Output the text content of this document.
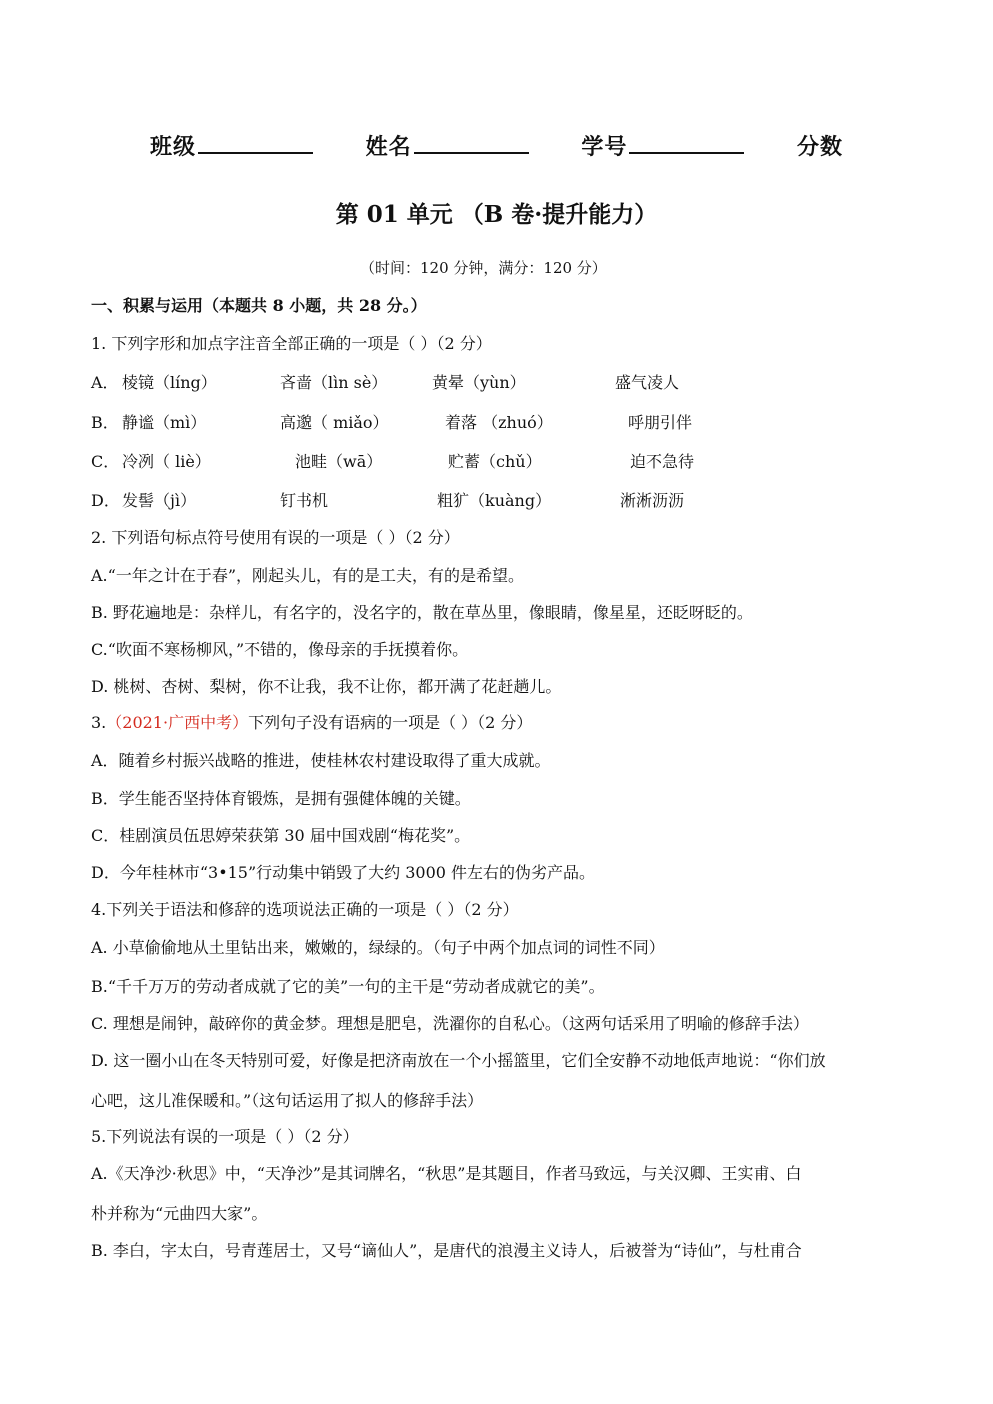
班级	姓名	学号	分数
第 01 单元 （B 卷·提升能力）
（时间：120 分钟，满分：120 分）
一、积累与运用（本题共 8 小题，共 28 分。）
1. 下列字形和加点字注音全部正确的一项是（ ）（2 分）
A． 棱镜（líng）	吝啬（lìn sè）	黄晕（yùn）	盛气凌人
B． 静谧（mì）	高邈（ miǎo）	着落 （zhuó）	呼朋引伴
C． 冷冽（ liè）	池畦（wā）	贮蓄（chǔ）	迫不急待
D． 发髻（jì）	钉书机	粗犷（kuàng）	淅淅沥沥
2. 下列语句标点符号使用有误的一项是（ ）（2 分）
A.“一年之计在于春”，刚起头儿，有的是工夫，有的是希望。
B. 野花遍地是：杂样儿，有名字的，没名字的，散在草丛里，像眼睛，像星星，还眨呀眨的。
C.“吹面不寒杨柳风，”不错的，像母亲的手抚摸着你。
D. 桃树、杏树、梨树，你不让我，我不让你，都开满了花赶趟儿。
3.（2021·广西中考）下列句子没有语病的一项是（ ）（2 分）
A．随着乡村振兴战略的推进，使桂林农村建设取得了重大成就。
B．学生能否坚持体育锻炼，是拥有强健体魄的关键。
C．桂剧演员伍思婷荣获第 30 届中国戏剧“梅花奖”。
D．今年桂林市“3•15”行动集中销毁了大约 3000 件左右的伪劣产品。
4.下列关于语法和修辞的选项说法正确的一项是（ ）（2 分）
A. 小草偷偷地从土里钻出来，嫩嫩的，绿绿的。（句子中两个加点词的词性不同）
B.“千千万万的劳动者成就了它的美”一句的主干是“劳动者成就它的美”。
C. 理想是闹钟，敲碎你的黄金梦。理想是肥皂，洗濯你的自私心。（这两句话采用了明喻的修辞手法）
D. 这一圈小山在冬天特别可爱，好像是把济南放在一个小摇篮里，它们全安静不动地低声地说：“你们放
心吧，这儿准保暖和。”（这句话运用了拟人的修辞手法）
5.下列说法有误的一项是（ ）（2 分）
A.《天净沙·秋思》中，“天净沙”是其词牌名，“秋思”是其题目，作者马致远，与关汉卿、王实甫、白
朴并称为“元曲四大家”。
B. 李白，字太白，号青莲居士，又号“谪仙人”，是唐代的浪漫主义诗人，后被誉为“诗仙”，与杜甫合
